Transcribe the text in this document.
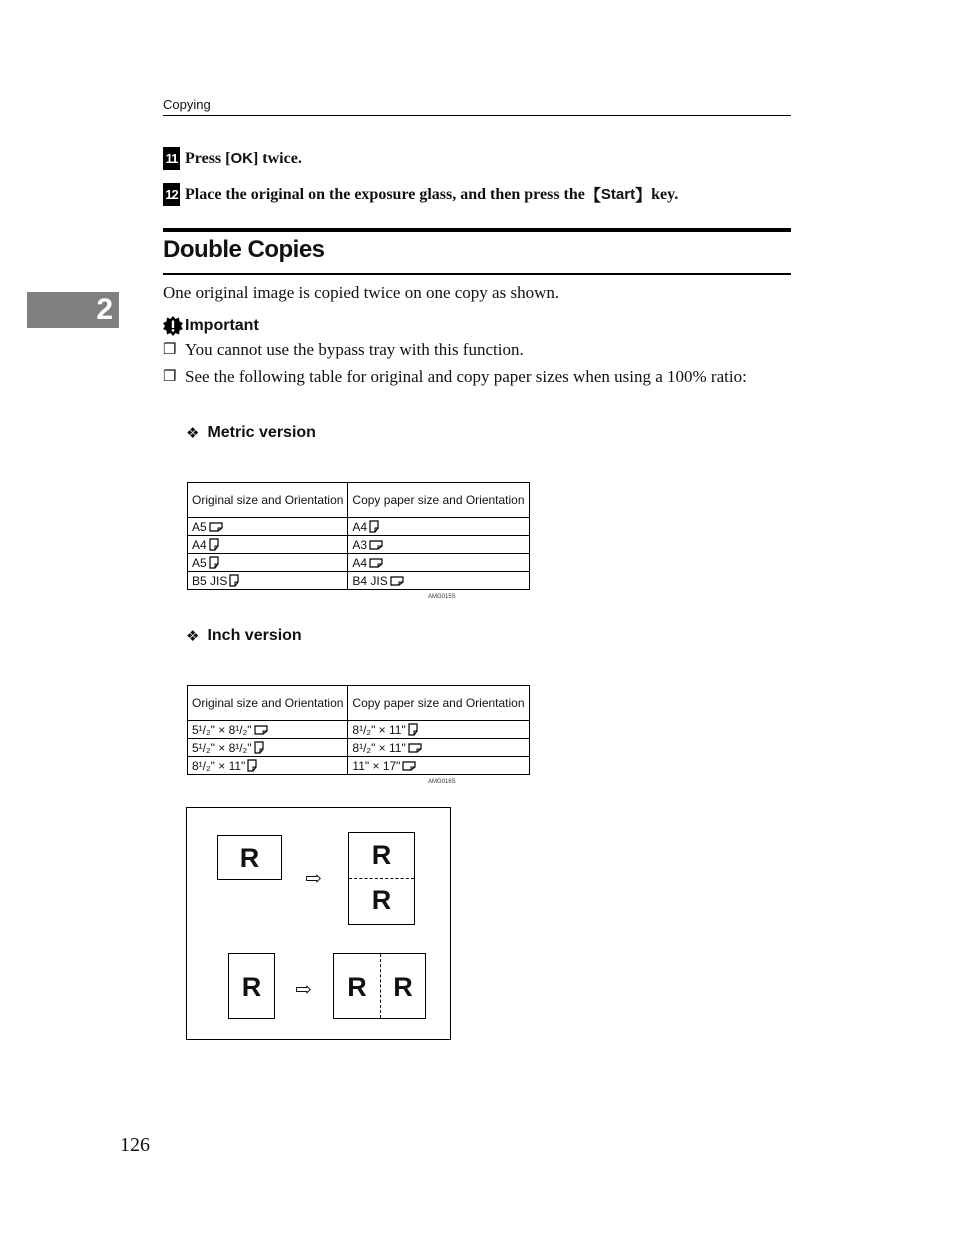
Copying
2
11 Press [ OK ] twice.
12 Place the original on the exposure glass, and then press the 【 Start 】 key.
Double Copies
One original image is copied twice on one copy as shown.
Important
❒ You cannot use the bypass tray with this function.
❒ See the following table for original and copy paper sizes when using a 100% ratio:
❖ Metric version
Original size and Orientation	Copy paper size and Orientation

A5	A4

A4	A3

A5	A4

B5 JIS	B4 JIS
AMG015S
❖ Inch version
Original size and Orientation	Copy paper size and Orientation

5¹/₂" × 8¹/₂"	8¹/₂" × 11"

5¹/₂" × 8¹/₂"	8¹/₂" × 11"

8¹/₂" × 11"	11" × 17"
AMG016S
R
⇨
R
R
R	⇨	R R
126
